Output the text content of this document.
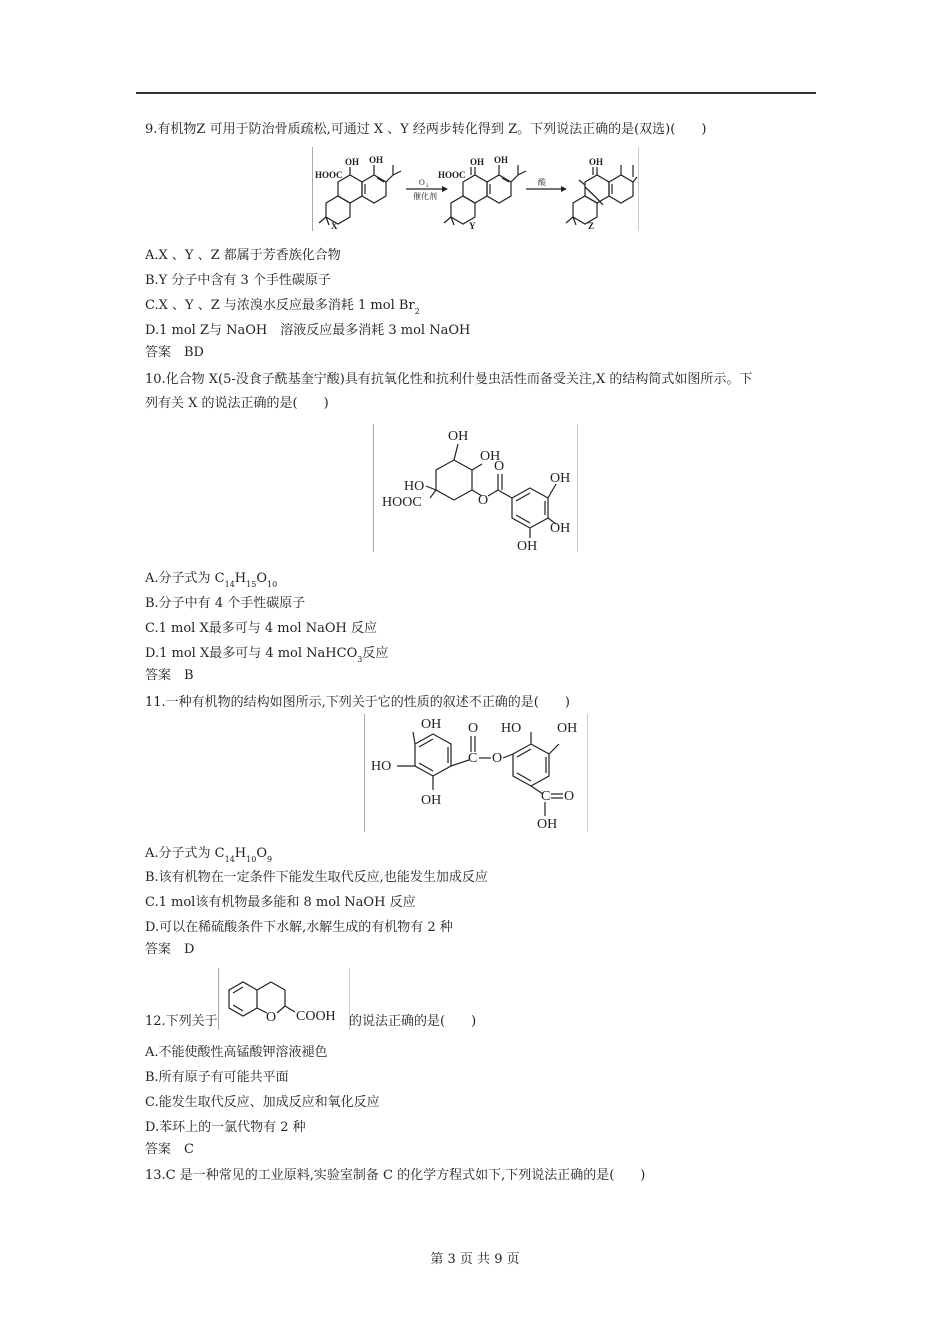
9.有机物Z 可用于防治骨质疏松,可通过 X 、Y 经两步转化得到 Z。下列说法正确的是(双选)(　　)
OH OH
HOOC
OH OH
HOOC
OH
X	Y	Z
O 2
催化剂
酸
A.X 、Y 、Z 都属于芳香族化合物
B.Y 分子中含有 3 个手性碳原子
C.X 、Y 、Z 与浓溴水反应最多消耗 1 mol $Br_2$
D.1 mol Z与 NaOH　溶液反应最多消耗 3 mol NaOH
答案　BD
10.化合物 X(5-没食子酰基奎宁酸)具有抗氧化性和抗利什曼虫活性而备受关注,X 的结构简式如图所示。下
列有关 X 的说法正确的是(　　)
OH
OH
HO
HOOC	O
O
OH
OH
OH
A.分子式为 $C_{14}H_{15}O_{10}$
B.分子中有 4 个手性碳原子
C.1 mol X最多可与 4 mol NaOH 反应
D.1 mol X最多可与 4 mol NaHCO$_3$反应
答案　B
11.一种有机物的结构如图所示,下列关于它的性质的叙述不正确的是(　　)
OH
HO
OH
O
C O
HO	OH
C O
OH
A.分子式为 $C_{14}H_{10}O_9$
B.该有机物在一定条件下能发生取代反应,也能发生加成反应
C.1 mol该有机物最多能和 8 mol NaOH 反应
D.可以在稀硫酸条件下水解,水解生成的有机物有 2 种
答案　D
12.下列关于	O COOH 的说法正确的是(　　)
A.不能使酸性高锰酸钾溶液褪色
B.所有原子有可能共平面
C.能发生取代反应、加成反应和氧化反应
D.苯环上的一氯代物有 2 种
答案　C
13.C 是一种常见的工业原料,实验室制备 C 的化学方程式如下,下列说法正确的是(　　)
第 3 页 共 9 页
